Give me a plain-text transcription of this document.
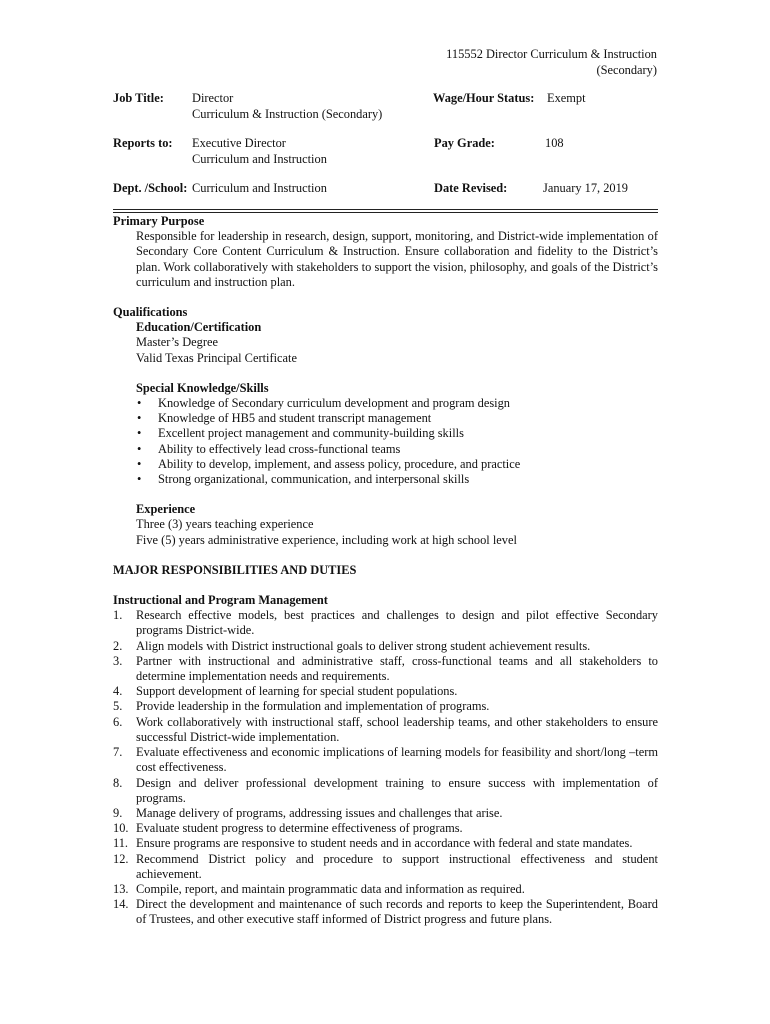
115552 Director Curriculum & Instruction
(Secondary)
Job Title: Director
Curriculum & Instruction (Secondary)
Wage/Hour Status: Exempt
Reports to: Executive Director
Curriculum and Instruction
Pay Grade:	108
Dept. /School: Curriculum and Instruction	Date Revised:	January 17, 2019
Primary Purpose
Responsible for leadership in research, design, support, monitoring, and District-wide implementation of Secondary Core Content Curriculum & Instruction. Ensure collaboration and fidelity to the District’s plan. Work collaboratively with stakeholders to support the vision, philosophy, and goals of the District’s curriculum and instruction plan.
Qualifications
Education/Certification
Master’s Degree
Valid Texas Principal Certificate
Special Knowledge/Skills
• Knowledge of Secondary curriculum development and program design
• Knowledge of HB5 and student transcript management
• Excellent project management and community-building skills
• Ability to effectively lead cross-functional teams
• Ability to develop, implement, and assess policy, procedure, and practice
• Strong organizational, communication, and interpersonal skills
Experience
Three (3) years teaching experience
Five (5) years administrative experience, including work at high school level
MAJOR RESPONSIBILITIES AND DUTIES
Instructional and Program Management
1. Research effective models, best practices and challenges to design and pilot effective Secondary programs District-wide.
2. Align models with District instructional goals to deliver strong student achievement results.
3. Partner with instructional and administrative staff, cross-functional teams and all stakeholders to determine implementation needs and requirements.
4. Support development of learning for special student populations.
5. Provide leadership in the formulation and implementation of programs.
6. Work collaboratively with instructional staff, school leadership teams, and other stakeholders to ensure successful District-wide implementation.
7. Evaluate effectiveness and economic implications of learning models for feasibility and short/long –term cost effectiveness.
8. Design and deliver professional development training to ensure success with implementation of programs.
9. Manage delivery of programs, addressing issues and challenges that arise.
10. Evaluate student progress to determine effectiveness of programs.
11. Ensure programs are responsive to student needs and in accordance with federal and state mandates.
12. Recommend District policy and procedure to support instructional effectiveness and student achievement.
13. Compile, report, and maintain programmatic data and information as required.
14. Direct the development and maintenance of such records and reports to keep the Superintendent, Board of Trustees, and other executive staff informed of District progress and future plans.
